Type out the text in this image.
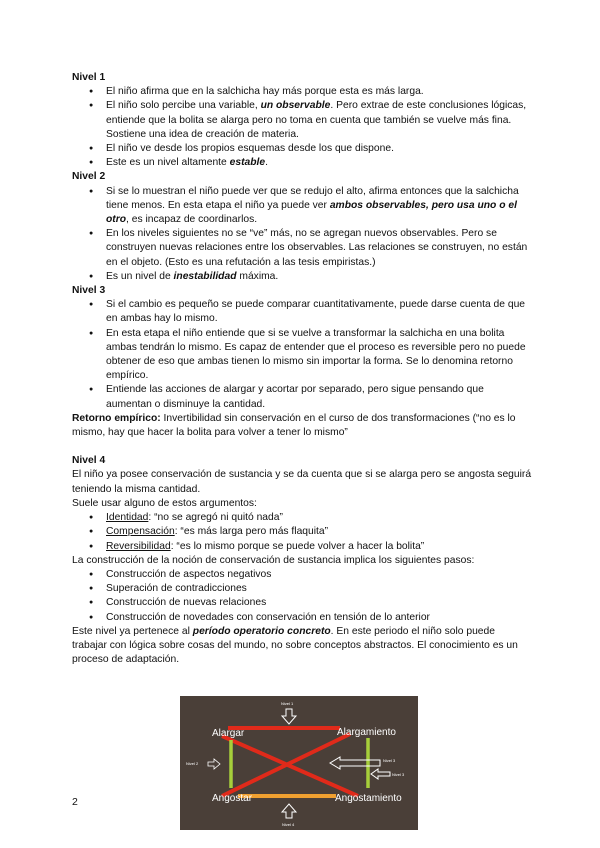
Nivel 1
● El niño afirma que en la salchicha hay más porque esta es más larga.
● El niño solo percibe una variable, un observable. Pero extrae de este conclusiones lógicas, entiende que la bolita se alarga pero no toma en cuenta que también se vuelve más fina. Sostiene una idea de creación de materia.
● El niño ve desde los propios esquemas desde los que dispone.
● Este es un nivel altamente estable.
Nivel 2
● Si se lo muestran el niño puede ver que se redujo el alto, afirma entonces que la salchicha tiene menos. En esta etapa el niño ya puede ver ambos observables, pero usa uno o el otro, es incapaz de coordinarlos.
● En los niveles siguientes no se “ve” más, no se agregan nuevos observables. Pero se construyen nuevas relaciones entre los observables. Las relaciones se construyen, no están en el objeto. (Esto es una refutación a las tesis empiristas.)
● Es un nivel de inestabilidad máxima.
Nivel 3
● Si el cambio es pequeño se puede comparar cuantitativamente, puede darse cuenta de que en ambas hay lo mismo.
● En esta etapa el niño entiende que si se vuelve a transformar la salchicha en una bolita ambas tendrán lo mismo. Es capaz de entender que el proceso es reversible pero no puede obtener de eso que ambas tienen lo mismo sin importar la forma. Se lo denomina retorno empírico.
● Entiende las acciones de alargar y acortar por separado, pero sigue pensando que aumentan o disminuye la cantidad.
Retorno empírico: Invertibilidad sin conservación en el curso de dos transformaciones (“no es lo mismo, hay que hacer la bolita para volver a tener lo mismo”
Nivel 4
El niño ya posee conservación de sustancia y se da cuenta que si se alarga pero se angosta seguirá teniendo la misma cantidad.
Suele usar alguno de estos argumentos:
● Identidad: “no se agregó ni quitó nada”
● Compensación: “es más larga pero más flaquita”
● Reversibilidad: “es lo mismo porque se puede volver a hacer la bolita”
La construcción de la noción de conservación de sustancia implica los siguientes pasos:
● Construcción de aspectos negativos
● Superación de contradicciones
● Construcción de nuevas relaciones
● Construcción de novedades con conservación en tensión de lo anterior
Este nivel ya pertenece al período operatorio concreto. En este periodo el niño solo puede trabajar con lógica sobre cosas del mundo, no sobre conceptos abstractos. El conocimiento es un proceso de adaptación.
Alargar	Alargamiento
Angostar	Angostamiento
Nivel 1
Nivel 2
Nivel 3
Nivel 3
Nivel 4
2
